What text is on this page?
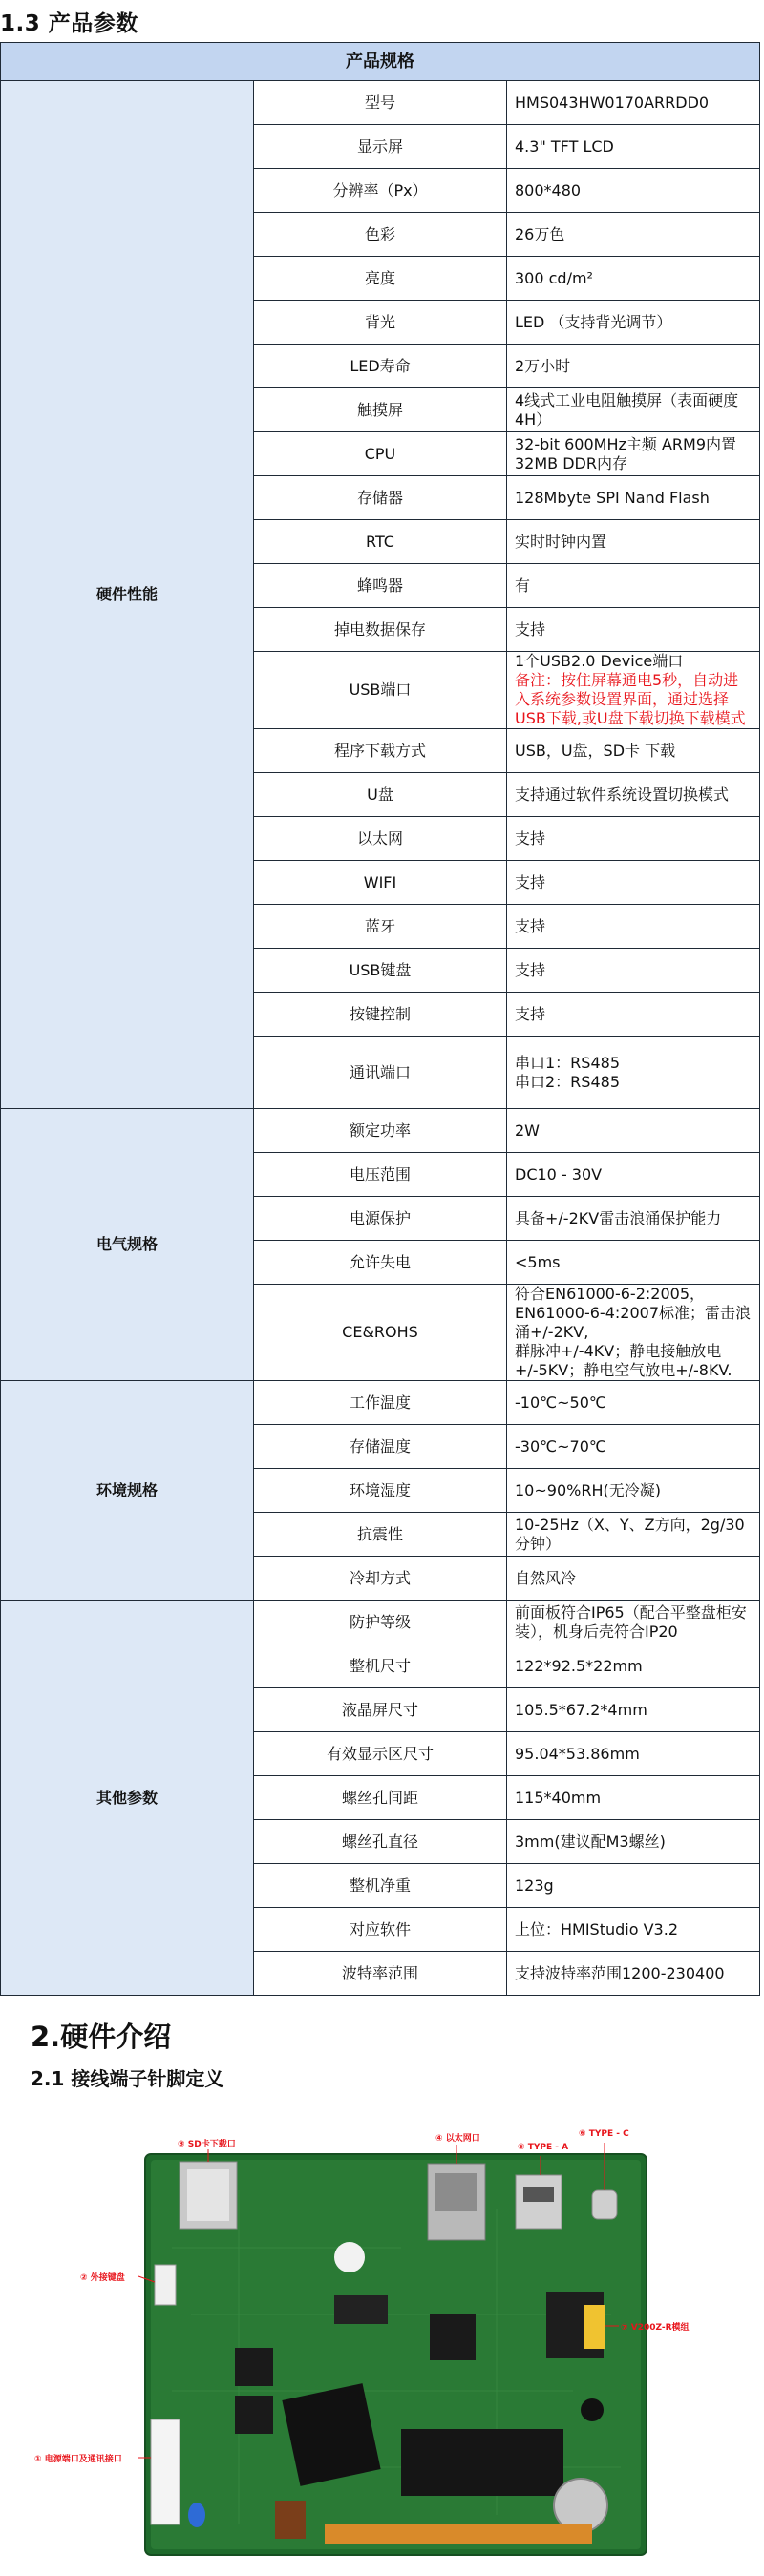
1.3 产品参数
产品规格		
硬件性能	型号	HMS043HW0170ARRDD0

	显示屏	4.3" TFT LCD

	分辨率（Px）	800*480

	色彩	26万色

	亮度	300 cd/m²

	背光	LED （支持背光调节）

	LED寿命	2万小时

	触摸屏	4线式工业电阻触摸屏（表面硬度4H）

	CPU	32-bit 600MHz主频 ARM9内置32MB DDR内存

	存储器	128Mbyte SPI Nand Flash

	RTC	实时时钟内置

	蜂鸣器	有

	掉电数据保存	支持

	USB端口	1个USB2.0 Device端口
备注：按住屏幕通电5秒，自动进入系统参数设置界面，通过选择USB下载,或U盘下载切换下载模式

	程序下载方式	USB，U盘，SD卡 下载

	U盘	支持通过软件系统设置切换模式

	以太网	支持

	WIFI	支持

	蓝牙	支持

	USB键盘	支持

	按键控制	支持

	通讯端口	串口1：RS485
串口2：RS485

电气规格	额定功率	2W

	电压范围	DC10 - 30V

	电源保护	具备+/-2KV雷击浪涌保护能力

	允许失电	<5ms

	CE&ROHS	符合EN61000-6-2:2005，EN61000-6-4:2007标准；雷击浪涌+/-2KV,
群脉冲+/-4KV；静电接触放电+/-5KV；静电空气放电+/-8KV.

环境规格	工作温度	-10℃~50℃

	存储温度	-30℃~70℃

	环境湿度	10~90%RH(无冷凝)

	抗震性	10-25Hz（X、Y、Z方向，2g/30分钟）

	冷却方式	自然风冷

其他参数	防护等级	前面板符合IP65（配合平整盘柜安装），机身后壳符合IP20

	整机尺寸	122*92.5*22mm

	液晶屏尺寸	105.5*67.2*4mm

	有效显示区尺寸	95.04*53.86mm

	螺丝孔间距	115*40mm

	螺丝孔直径	3mm(建议配M3螺丝)

	整机净重	123g

	对应软件	上位：HMIStudio V3.2

	波特率范围	支持波特率范围1200-230400
2.硬件介绍
2.1 接线端子针脚定义
③ SD卡下载口
④ 以太网口
⑤ TYPE - A
⑥ TYPE - C
② 外接键盘
⑦ V200Z-R模组
① 电源端口及通讯接口
